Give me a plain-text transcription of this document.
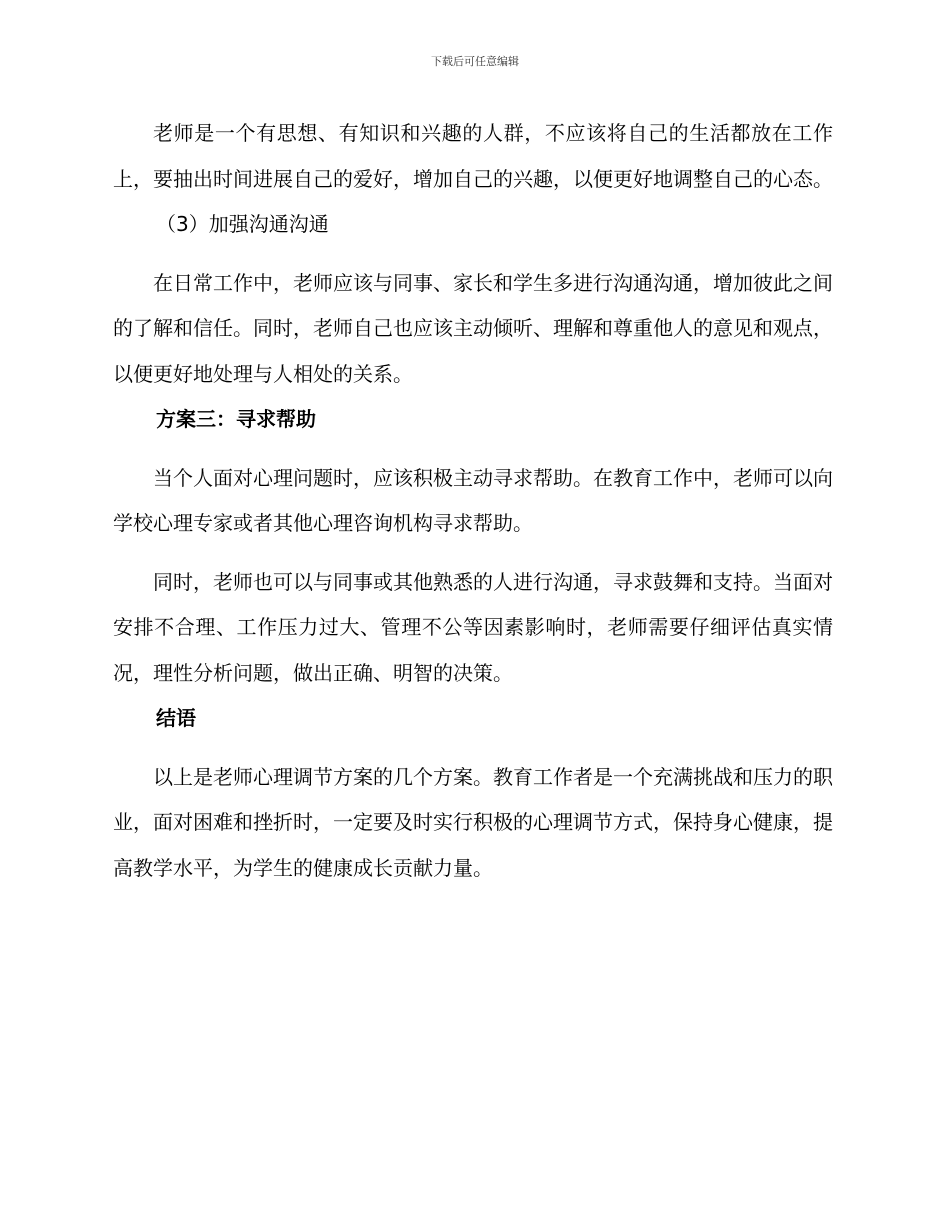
下载后可任意编辑

老师是一个有思想、有知识和兴趣的人群，不应该将自己的生活都放在工作上，要抽出时间进展自己的爱好，增加自己的兴趣，以便更好地调整自己的心态。

（3）加强沟通沟通

在日常工作中，老师应该与同事、家长和学生多进行沟通沟通，增加彼此之间的了解和信任。同时，老师自己也应该主动倾听、理解和尊重他人的意见和观点，以便更好地处理与人相处的关系。

方案三：寻求帮助

当个人面对心理问题时，应该积极主动寻求帮助。在教育工作中，老师可以向学校心理专家或者其他心理咨询机构寻求帮助。

同时，老师也可以与同事或其他熟悉的人进行沟通，寻求鼓舞和支持。当面对安排不合理、工作压力过大、管理不公等因素影响时，老师需要仔细评估真实情况，理性分析问题，做出正确、明智的决策。

结语

以上是老师心理调节方案的几个方案。教育工作者是一个充满挑战和压力的职业，面对困难和挫折时，一定要及时实行积极的心理调节方式，保持身心健康，提高教学水平，为学生的健康成长贡献力量。
